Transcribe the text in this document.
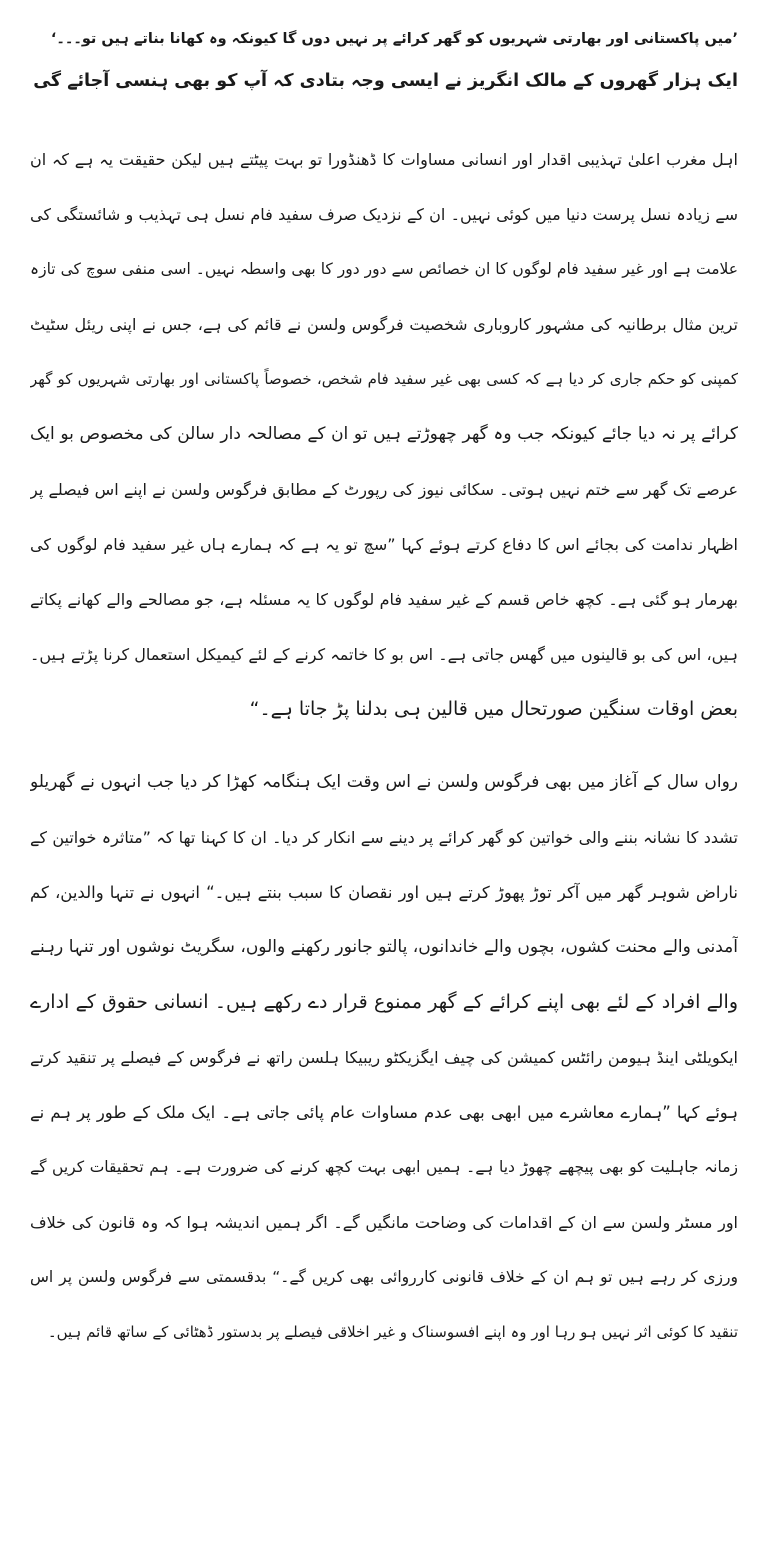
’میں پاکستانی اور بھارتی شہریوں کو گھر کرائے پر نہیں دوں گا کیونکہ وہ کھانا بناتے ہیں تو۔۔۔‘
ایک ہزار گھروں کے مالک انگریز نے ایسی وجہ بتادی کہ آپ کو بھی ہنسی آجائے گی

اہل مغرب اعلیٰ تہذیبی اقدار اور انسانی مساوات کا ڈھنڈورا تو بہت پیٹتے ہیں لیکن حقیقت یہ ہے کہ ان
سے زیادہ نسل پرست دنیا میں کوئی نہیں۔ ان کے نزدیک صرف سفید فام نسل ہی تہذیب و شائستگی کی
علامت ہے اور غیر سفید فام لوگوں کا ان خصائص سے دور دور کا بھی واسطہ نہیں۔ اسی منفی سوچ کی تازہ
ترین مثال برطانیہ کی مشہور کاروباری شخصیت فرگوس ولسن نے قائم کی ہے، جس نے اپنی ریئل سٹیٹ
کمپنی کو حکم جاری کر دیا ہے کہ کسی بھی غیر سفید فام شخص، خصوصاً پاکستانی اور بھارتی شہریوں کو گھر
کرائے پر نہ دیا جائے کیونکہ جب وہ گھر چھوڑتے ہیں تو ان کے مصالحہ دار سالن کی مخصوص بو ایک
عرصے تک گھر سے ختم نہیں ہوتی۔ سکائی نیوز کی رپورٹ کے مطابق فرگوس ولسن نے اپنے اس فیصلے پر
اظہار ندامت کی بجائے اس کا دفاع کرتے ہوئے کہا ”سچ تو یہ ہے کہ ہمارے ہاں غیر سفید فام لوگوں کی
بھرمار ہو گئی ہے۔ کچھ خاص قسم کے غیر سفید فام لوگوں کا یہ مسئلہ ہے، جو مصالحے والے کھانے پکاتے
ہیں، اس کی بو قالینوں میں گھس جاتی ہے۔ اس بو کا خاتمہ کرنے کے لئے کیمیکل استعمال کرنا پڑتے ہیں۔
بعض اوقات سنگین صورتحال میں قالین ہی بدلنا پڑ جاتا ہے۔“

رواں سال کے آغاز میں بھی فرگوس ولسن نے اس وقت ایک ہنگامہ کھڑا کر دیا جب انہوں نے گھریلو
تشدد کا نشانہ بننے والی خواتین کو گھر کرائے پر دینے سے انکار کر دیا۔ ان کا کہنا تھا کہ ”متاثرہ خواتین کے
ناراض شوہر گھر میں آکر توڑ پھوڑ کرتے ہیں اور نقصان کا سبب بنتے ہیں۔“ انہوں نے تنہا والدین، کم
آمدنی والے محنت کشوں، بچوں والے خاندانوں، پالتو جانور رکھنے والوں، سگریٹ نوشوں اور تنہا رہنے
والے افراد کے لئے بھی اپنے کرائے کے گھر ممنوع قرار دے رکھے ہیں۔ انسانی حقوق کے ادارے
ایکویلٹی اینڈ ہیومن رائٹس کمیشن کی چیف ایگزیکٹو ریبیکا ہلسن راتھ نے فرگوس کے فیصلے پر تنقید کرتے
ہوئے کہا ”ہمارے معاشرے میں ابھی بھی عدم مساوات عام پائی جاتی ہے۔ ایک ملک کے طور پر ہم نے
زمانہ جاہلیت کو بھی پیچھے چھوڑ دیا ہے۔ ہمیں ابھی بہت کچھ کرنے کی ضرورت ہے۔ ہم تحقیقات کریں گے
اور مسٹر ولسن سے ان کے اقدامات کی وضاحت مانگیں گے۔ اگر ہمیں اندیشہ ہوا کہ وہ قانون کی خلاف
ورزی کر رہے ہیں تو ہم ان کے خلاف قانونی کارروائی بھی کریں گے۔“ بدقسمتی سے فرگوس ولسن پر اس
تنقید کا کوئی اثر نہیں ہو رہا اور وہ اپنے افسوسناک و غیر اخلاقی فیصلے پر بدستور ڈھٹائی کے ساتھ قائم ہیں۔
